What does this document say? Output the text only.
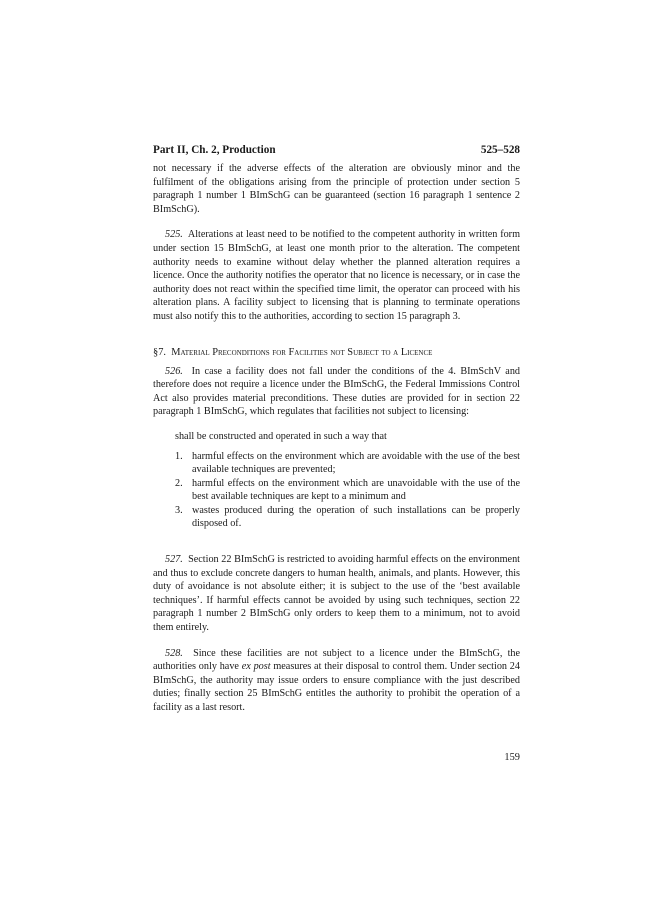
Part II, Ch. 2, Production	525–528

not necessary if the adverse effects of the alteration are obviously minor and the fulfilment of the obligations arising from the principle of protection under section 5 paragraph 1 number 1 BImSchG can be guaranteed (section 16 paragraph 1 sentence 2 BImSchG).

525. Alterations at least need to be notified to the competent authority in written form under section 15 BImSchG, at least one month prior to the alteration. The competent authority needs to examine without delay whether the planned alteration requires a licence. Once the authority notifies the operator that no licence is necessary, or in case the authority does not react within the specified time limit, the operator can proceed with his alteration plans. A facility subject to licensing that is planning to terminate operations must also notify this to the authorities, according to section 15 paragraph 3.

§7. Material Preconditions for Facilities not Subject to a Licence

526. In case a facility does not fall under the conditions of the 4. BImSchV and therefore does not require a licence under the BImSchG, the Federal Immissions Control Act also provides material preconditions. These duties are provided for in section 22 paragraph 1 BImSchG, which regulates that facilities not subject to licensing:

shall be constructed and operated in such a way that

1. harmful effects on the environment which are avoidable with the use of the best available techniques are prevented;
2. harmful effects on the environment which are unavoidable with the use of the best available techniques are kept to a minimum and
3. wastes produced during the operation of such installations can be properly disposed of.

527. Section 22 BImSchG is restricted to avoiding harmful effects on the environment and thus to exclude concrete dangers to human health, animals, and plants. However, this duty of avoidance is not absolute either; it is subject to the use of the ‘best available techniques’. If harmful effects cannot be avoided by using such techniques, section 22 paragraph 1 number 2 BImSchG only orders to keep them to a minimum, not to avoid them entirely.

528. Since these facilities are not subject to a licence under the BImSchG, the authorities only have ex post measures at their disposal to control them. Under section 24 BImSchG, the authority may issue orders to ensure compliance with the just described duties; finally section 25 BImSchG entitles the authority to prohibit the operation of a facility as a last resort.

159
